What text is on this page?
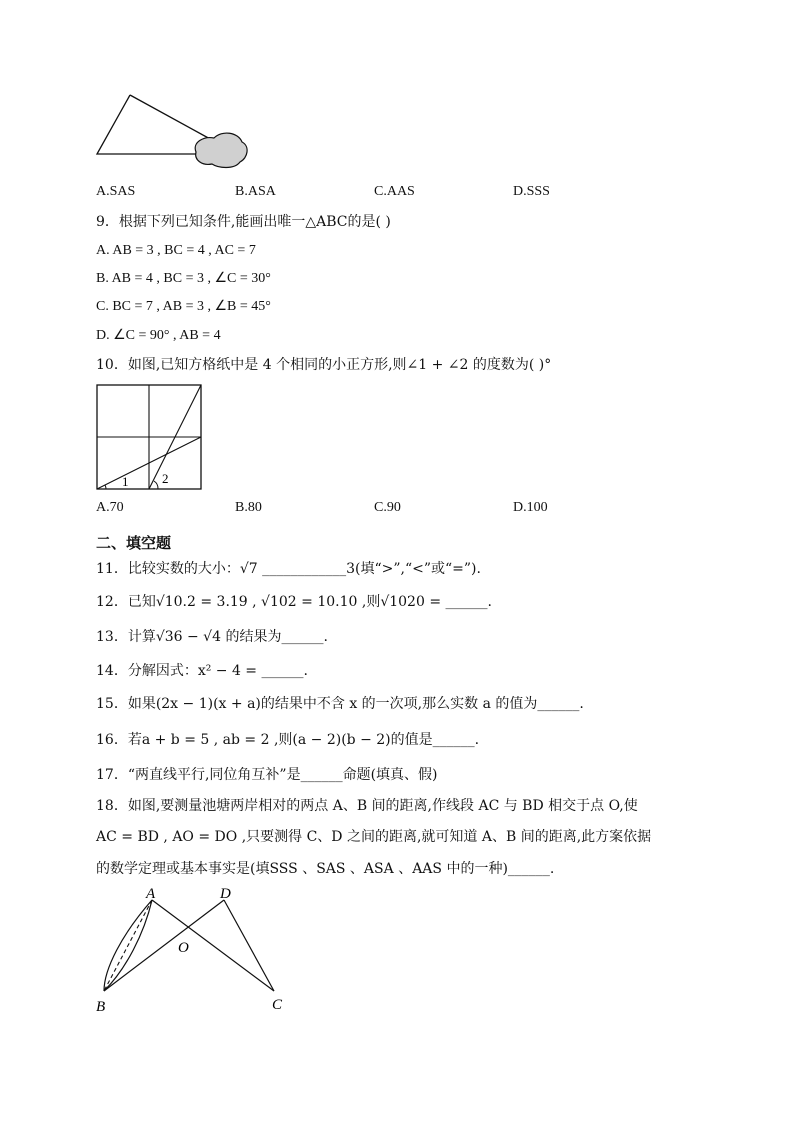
A.SAS	B.ASA	C.AAS	D.SSS
9．根据下列已知条件,能画出唯一△ABC的是( )
A. AB = 3 , BC = 4 , AC = 7
B. AB = 4 , BC = 3 , ∠C = 30°
C. BC = 7 , AB = 3 , ∠B = 45°
D. ∠C = 90° , AB = 4
10．如图,已知方格纸中是 4 个相同的小正方形,则∠1 + ∠2 的度数为( )°
1	2
A.70	B.80	C.90	D.100
二、填空题
11．比较实数的大小：√7 ____________3(填“>”,“<”或“=”).
12．已知√10.2 = 3.19 , √102 = 10.10 ,则√1020 = ______.
13．计算√36 − √4 的结果为______.
14．分解因式：x² − 4 = ______.
15．如果(2x − 1)(x + a)的结果中不含 x 的一次项,那么实数 a 的值为______.
16．若a + b = 5 , ab = 2 ,则(a − 2)(b − 2)的值是______.
17．“两直线平行,同位角互补”是______命题(填真、假)
18．如图,要测量池塘两岸相对的两点 A、B 间的距离,作线段 AC 与 BD 相交于点 O,使
AC = BD , AO = DO ,只要测得 C、D 之间的距离,就可知道 A、B 间的距离,此方案依据
的数学定理或基本事实是(填SSS 、SAS 、ASA 、AAS 中的一种)______.
A	D
O
B	C
